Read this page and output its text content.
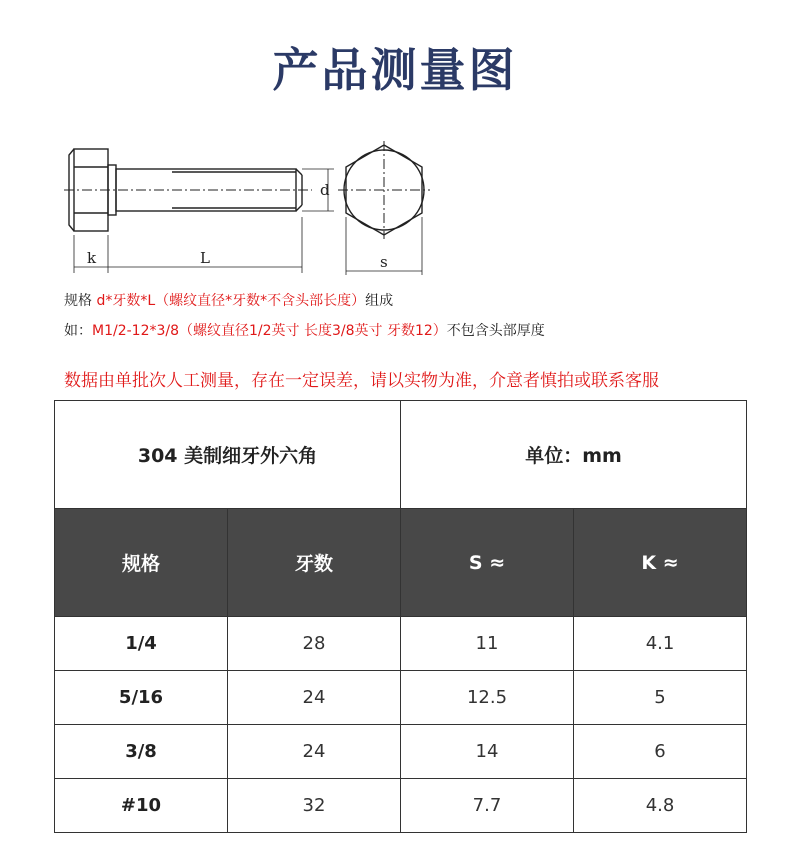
产品测量图
d
k	L	s
规格 d*牙数*L（螺纹直径*牙数*不含头部长度）组成
如：M1/2-12*3/8（螺纹直径1/2英寸 长度3/8英寸 牙数12）不包含头部厚度
数据由单批次人工测量，存在一定误差，请以实物为准，介意者慎拍或联系客服
304 美制细牙外六角		单位：mm	
规格	牙数	S ≈	K ≈
1/4	28	11	4.1
5/16	24	12.5	5
3/8	24	14	6
#10	32	7.7	4.8
